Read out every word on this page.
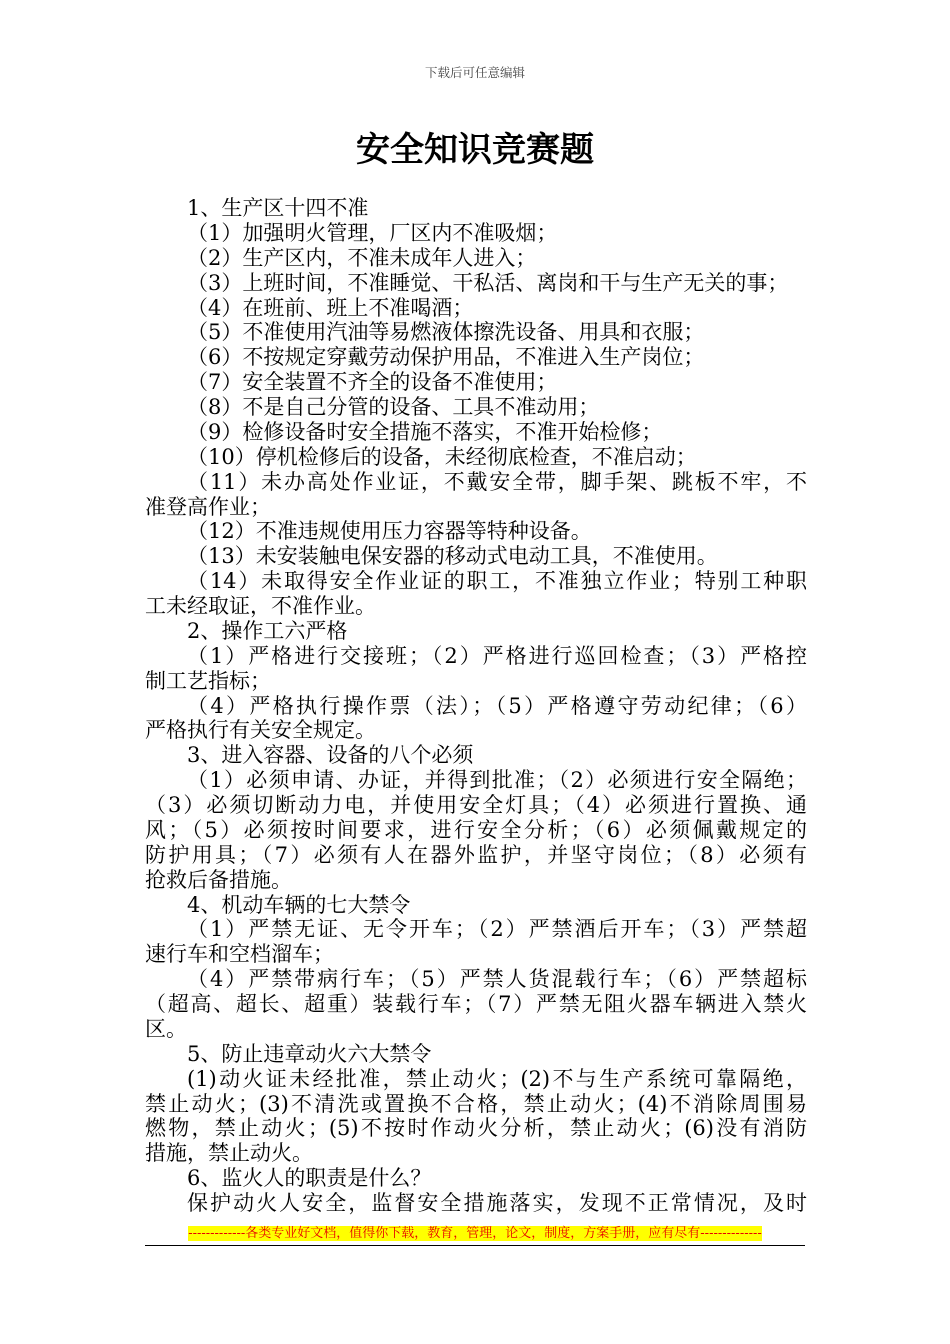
下载后可任意编辑
安全知识竞赛题
1、生产区十四不准
（1）加强明火管理，厂区内不准吸烟；
（2）生产区内，不准未成年人进入；
（3）上班时间，不准睡觉、干私活、离岗和干与生产无关的事；
（4）在班前、班上不准喝酒；
（5）不准使用汽油等易燃液体擦洗设备、用具和衣服；
（6）不按规定穿戴劳动保护用品，不准进入生产岗位；
（7）安全装置不齐全的设备不准使用；
（8）不是自己分管的设备、工具不准动用；
（9）检修设备时安全措施不落实，不准开始检修；
（10）停机检修后的设备，未经彻底检查，不准启动；
（11）未办高处作业证，不戴安全带，脚手架、跳板不牢，不
准登高作业；
（12）不准违规使用压力容器等特种设备。
（13）未安装触电保安器的移动式电动工具，不准使用。
（14）未取得安全作业证的职工，不准独立作业；特别工种职
工未经取证，不准作业。
2、操作工六严格
（1）严格进行交接班；（2）严格进行巡回检查；（3）严格控
制工艺指标；
（4）严格执行操作票（法）；（5）严格遵守劳动纪律；（6）
严格执行有关安全规定。
3、进入容器、设备的八个必须
（1）必须申请、办证，并得到批准；（2）必须进行安全隔绝；
（3）必须切断动力电，并使用安全灯具；（4）必须进行置换、通
风；（5）必须按时间要求，进行安全分析；（6）必须佩戴规定的
防护用具；（7）必须有人在器外监护，并坚守岗位；（8）必须有
抢救后备措施。
4、机动车辆的七大禁令
（1）严禁无证、无令开车；（2）严禁酒后开车；（3）严禁超
速行车和空档溜车；
（4）严禁带病行车；（5）严禁人货混载行车；（6）严禁超标
（超高、超长、超重）装载行车；（7）严禁无阻火器车辆进入禁火
区。
5、防止违章动火六大禁令
(1)动火证未经批准，禁止动火；(2)不与生产系统可靠隔绝，
禁止动火；(3)不清洗或置换不合格，禁止动火；(4)不消除周围易
燃物，禁止动火；(5)不按时作动火分析，禁止动火；(6)没有消防
措施，禁止动火。
6、监火人的职责是什么？
保护动火人安全，监督安全措施落实，发现不正常情况，及时
-------------各类专业好文档，值得你下载，教育，管理，论文，制度，方案手册，应有尽有--------------
